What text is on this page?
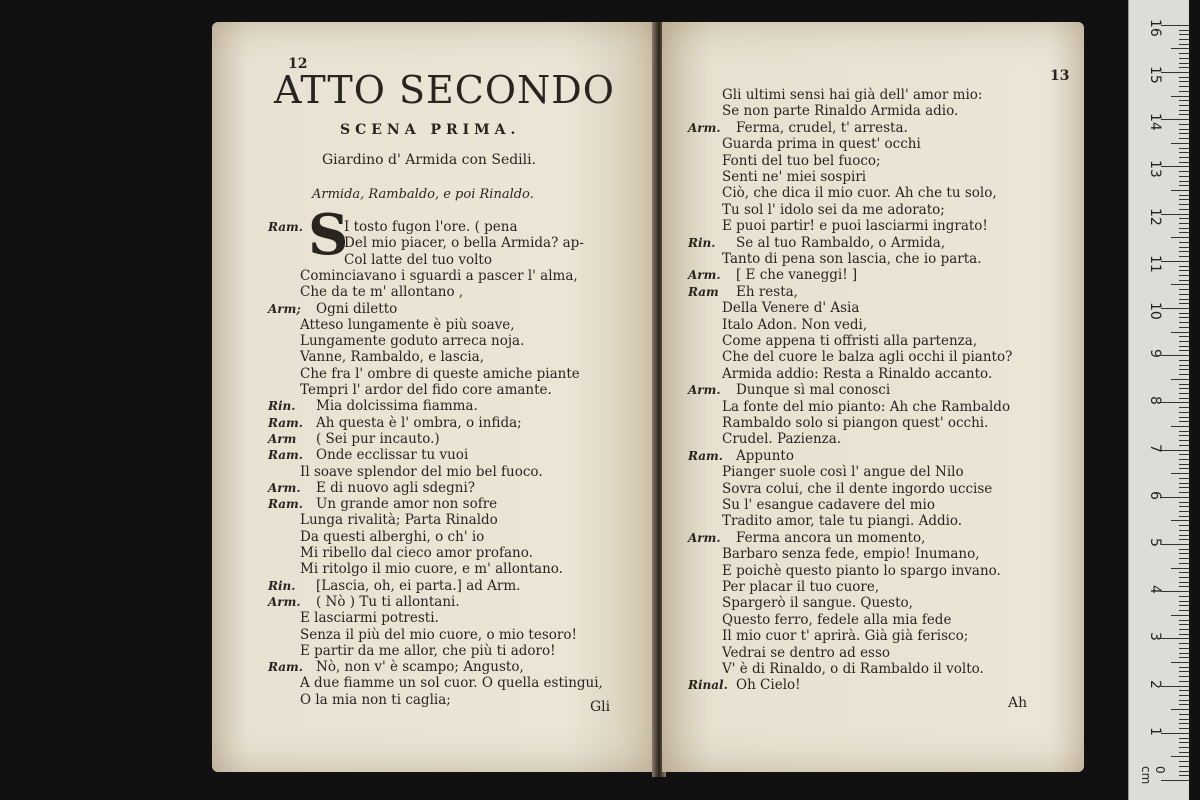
12
ATTO SECONDO
SCENA PRIMA.
Giardino d' Armida con Sedili.
Armida, Rambaldo, e poi Rinaldo.
S
Ram.	I tosto fugon l'ore. ( pena
Del mio piacer, o bella Armida? ap-
Col latte del tuo volto
Cominciavano i sguardi a pascer l' alma,
Che da te m' allontano ,
Arm; Ogni diletto
Atteso lungamente è più soave,
Lungamente goduto arreca noja.
Vanne, Rambaldo, e lascia,
Che fra l' ombre di queste amiche piante
Tempri l' ardor del fido core amante.
Rin. Mia dolcissima fiamma.
Ram. Ah questa è l' ombra, o infida;
Arm ( Sei pur incauto.)
Ram. Onde ecclissar tu vuoi
Il soave splendor del mio bel fuoco.
Arm. E di nuovo agli sdegni?
Ram. Un grande amor non sofre
Lunga rivalità; Parta Rinaldo
Da questi alberghi, o ch' io
Mi ribello dal cieco amor profano.
Mi ritolgo il mio cuore, e m' allontano.
Rin. [Lascia, oh, ei parta.] ad Arm.
Arm. ( Nò ) Tu ti allontani.
E lasciarmi potresti.
Senza il più del mio cuore, o mio tesoro!
E partir da me allor, che più ti adoro!
Ram. Nò, non v' è scampo; Angusto,
A due fiamme un sol cuor. O quella estingui,
O la mia non ti caglia;	Gli
13
Gli ultimi sensi hai già dell' amor mio:
Se non parte Rinaldo Armida adio.
Arm. Ferma, crudel, t' arresta.
Guarda prima in quest' occhi
Fonti del tuo bel fuoco;
Senti ne' miei sospiri
Ciò, che dica il mio cuor. Ah che tu solo,
Tu sol l' idolo sei da me adorato;
E puoi partir! e puoi lasciarmi ingrato!
Rin. Se al tuo Rambaldo, o Armida,
Tanto di pena son lascia, che io parta.
Arm. [ E che vaneggi! ]
Ram Eh resta,
Della Venere d' Asia
Italo Adon. Non vedi,
Come appena ti offristi alla partenza,
Che del cuore le balza agli occhi il pianto?
Armida addio: Resta a Rinaldo accanto.
Arm. Dunque sì mal conosci
La fonte del mio pianto: Ah che Rambaldo
Rambaldo solo si piangon quest' occhi.
Crudel. Pazienza.
Ram. Appunto
Pianger suole così l' angue del Nilo
Sovra colui, che il dente ingordo uccise
Su l' esangue cadavere del mio
Tradito amor, tale tu piangi. Addio.
Arm. Ferma ancora un momento,
Barbaro senza fede, empio! Inumano,
E poichè questo pianto lo spargo invano.
Per placar il tuo cuore,
Spargerò il sangue. Questo,
Questo ferro, fedele alla mia fede
Il mio cuor t' aprirà. Già già ferisco;
Vedrai se dentro ad esso
V' è di Rinaldo, o di Rambaldo il volto.
Rinal. Oh Cielo!
Ah
0 cm
16
15
14
13
12
11
10
9
8
7
6
5
4
3
2
1
